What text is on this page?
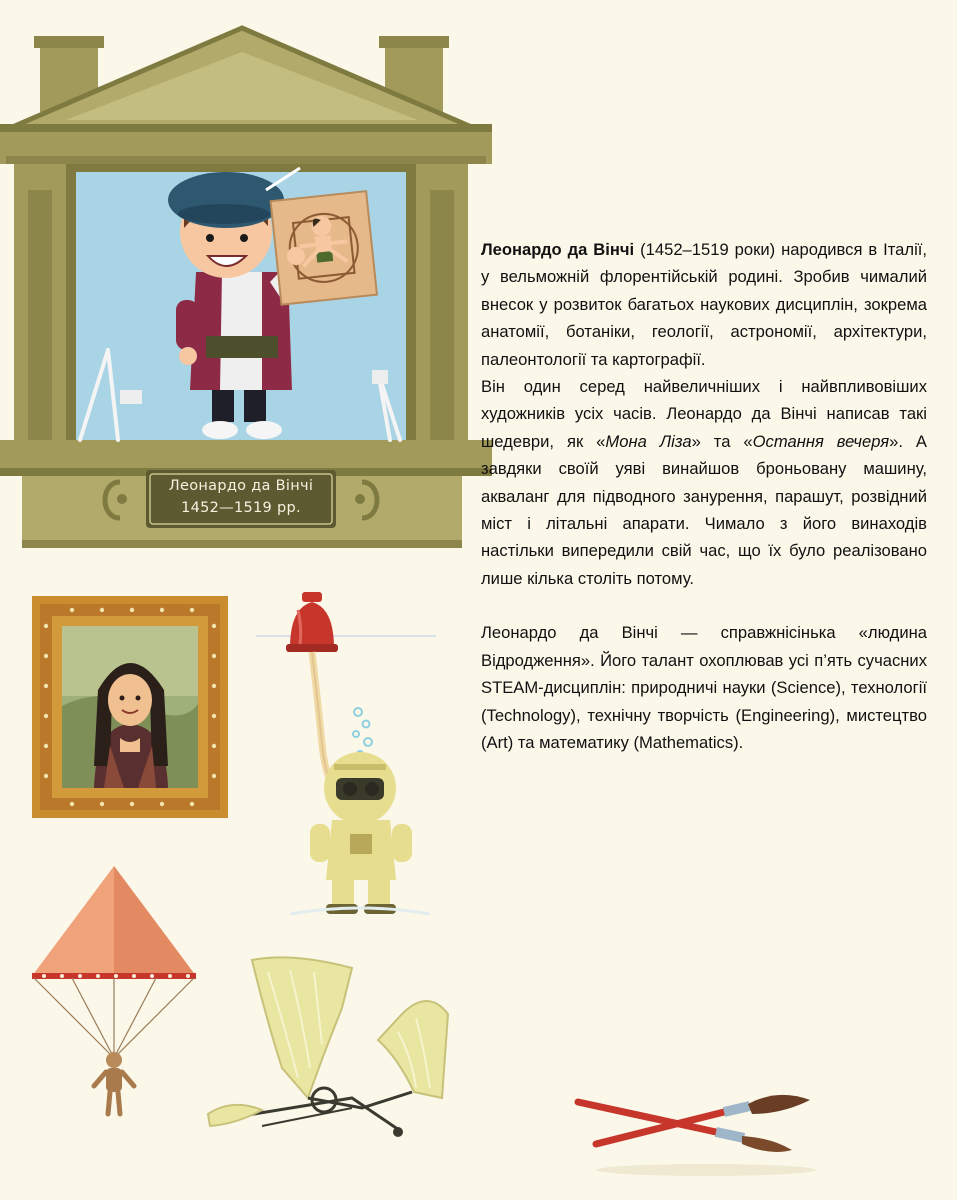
Леонардо да Вінчі
1452—1519 рр.

Леонардо да Вінчі (1452–1519 роки) народився в Італії, у вельможній флорентійській родині. Зробив чималий внесок у розвиток багатьох наукових дисциплін, зокрема анатомії, ботаніки, геології, астрономії, архітектури, палеонтології та картографії.

Він один серед найвеличніших і найвпливовіших художників усіх часів. Леонардо да Вінчі написав такі шедеври, як «Мона Ліза» та «Остання вечеря». А завдяки своїй уяві винайшов броньовану машину, акваланг для підводного занурення, парашут, розвідний міст і літальні апарати. Чимало з його винаходів настільки випередили свій час, що їх було реалізовано лише кілька століть потому.

Леонардо да Вінчі — справжнісінька «людина Відродження». Його талант охоплював усі п’ять сучасних STEAM-дисциплін: природничі науки (Science), технології (Technology), технічну творчість (Engineering), мистецтво (Art) та математику (Mathematics).
